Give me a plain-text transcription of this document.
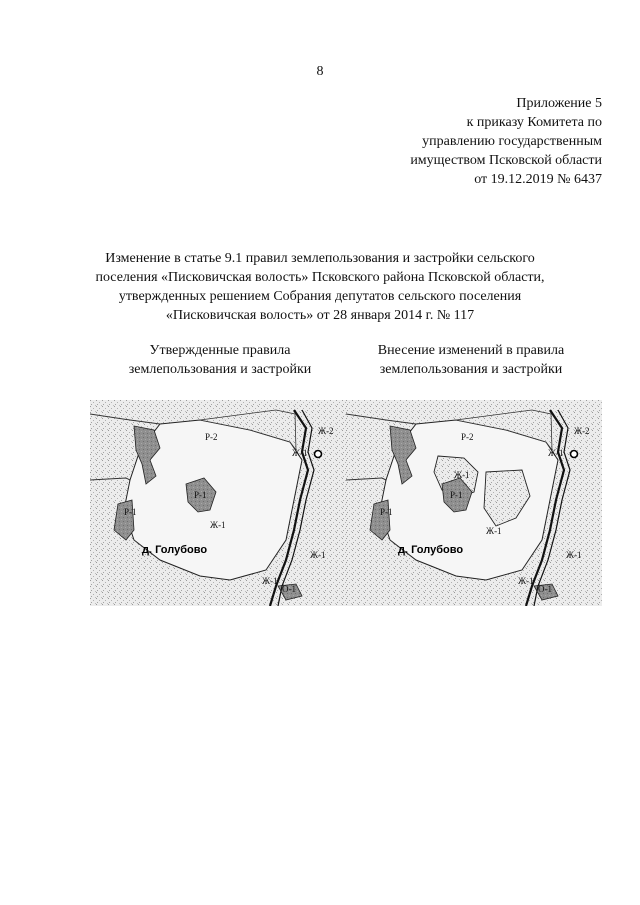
8
Приложение 5
к приказу Комитета по
управлению государственным
имуществом Псковской области
от 19.12.2019 № 6437
Изменение в статье 9.1 правил землепользования и застройки сельского
поселения «Писковичская волость» Псковского района Псковской области,
утвержденных решением Собрания депутатов сельского поселения
«Писковичская волость» от 28 января 2014 г. № 117
Утвержденные правила
землепользования и застройки
Внесение изменений в правила
землепользования и застройки
Р-2
Ж-2
Ж-1
Р-1
Ж-1
Р-1
Ж-1
Ж-1
О-1
д. Голубово
Р-2
Ж-2
Ж-1
Ж-1
Р-1
Ж-1
Р-1
Ж-1
Ж-1
О-1
д. Голубово
